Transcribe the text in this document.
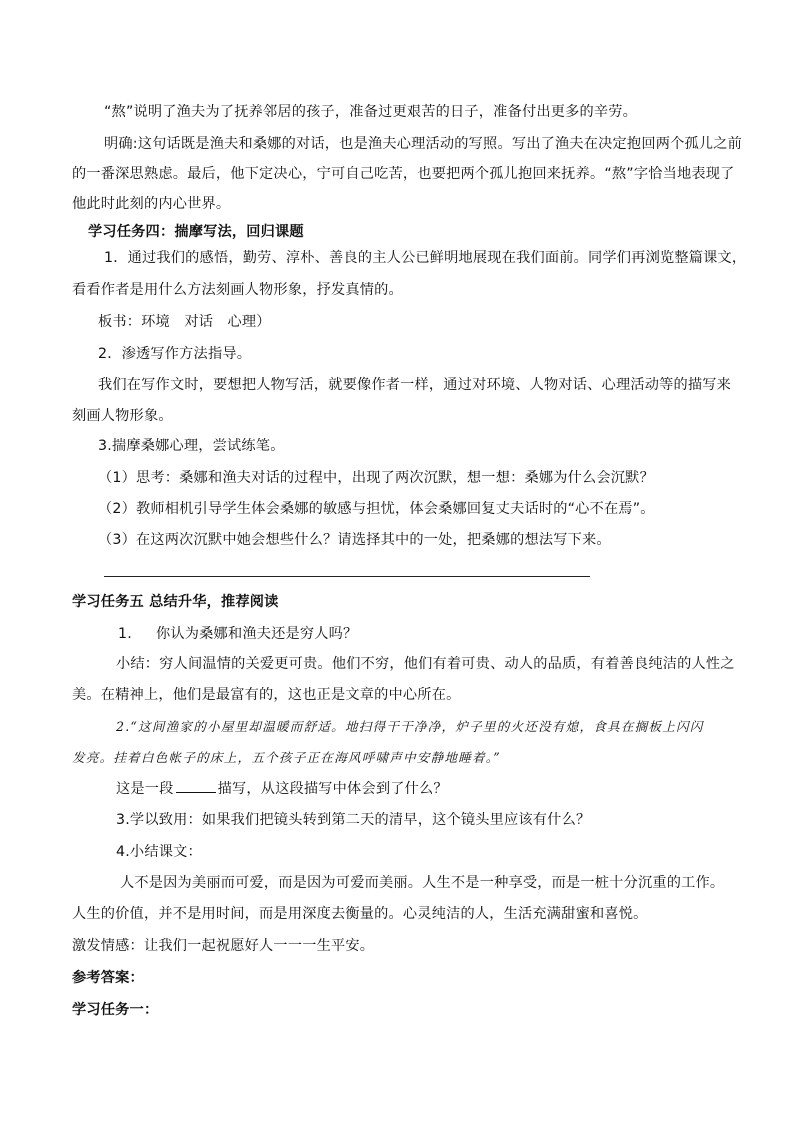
“熬”说明了渔夫为了抚养邻居的孩子，准备过更艰苦的日子，准备付出更多的辛劳。
明确:这句话既是渔夫和桑娜的对话，也是渔夫心理活动的写照。写出了渔夫在决定抱回两个孤儿之前
的一番深思熟虑。最后，他下定决心，宁可自己吃苦，也要把两个孤儿抱回来抚养。“熬”字恰当地表现了
他此时此刻的内心世界。
学习任务四：揣摩写法，回归课题
1．通过我们的感悟，勤劳、淳朴、善良的主人公已鲜明地展现在我们面前。同学们再浏览整篇课文，
看看作者是用什么方法刻画人物形象，抒发真情的。
板书：环境　对话　心理）
2．渗透写作方法指导。
我们在写作文时，要想把人物写活，就要像作者一样，通过对环境、人物对话、心理活动等的描写来
刻画人物形象。
3.揣摩桑娜心理，尝试练笔。
（1）思考：桑娜和渔夫对话的过程中，出现了两次沉默，想一想：桑娜为什么会沉默？
（2）教师相机引导学生体会桑娜的敏感与担忧，体会桑娜回复丈夫话时的“心不在焉”。
（3）在这两次沉默中她会想些什么？请选择其中的一处，把桑娜的想法写下来。
学习任务五 总结升华，推荐阅读
1. 你认为桑娜和渔夫还是穷人吗？
小结：穷人间温情的关爱更可贵。他们不穷，他们有着可贵、动人的品质，有着善良纯洁的人性之
美。在精神上，他们是最富有的，这也正是文章的中心所在。
2.“这间渔家的小屋里却温暖而舒适。地扫得干干净净，炉子里的火还没有熄，食具在搁板上闪闪
发亮。挂着白色帐子的床上，五个孩子正在海风呼啸声中安静地睡着。”
这是一段	描写，从这段描写中体会到了什么？
3.学以致用：如果我们把镜头转到第二天的清早，这个镜头里应该有什么？
4.小结课文：
人不是因为美丽而可爱，而是因为可爱而美丽。人生不是一种享受，而是一桩十分沉重的工作。
人生的价值，并不是用时间，而是用深度去衡量的。心灵纯洁的人，生活充满甜蜜和喜悦。
激发情感：让我们一起祝愿好人一一一生平安。
参考答案：
学习任务一：
